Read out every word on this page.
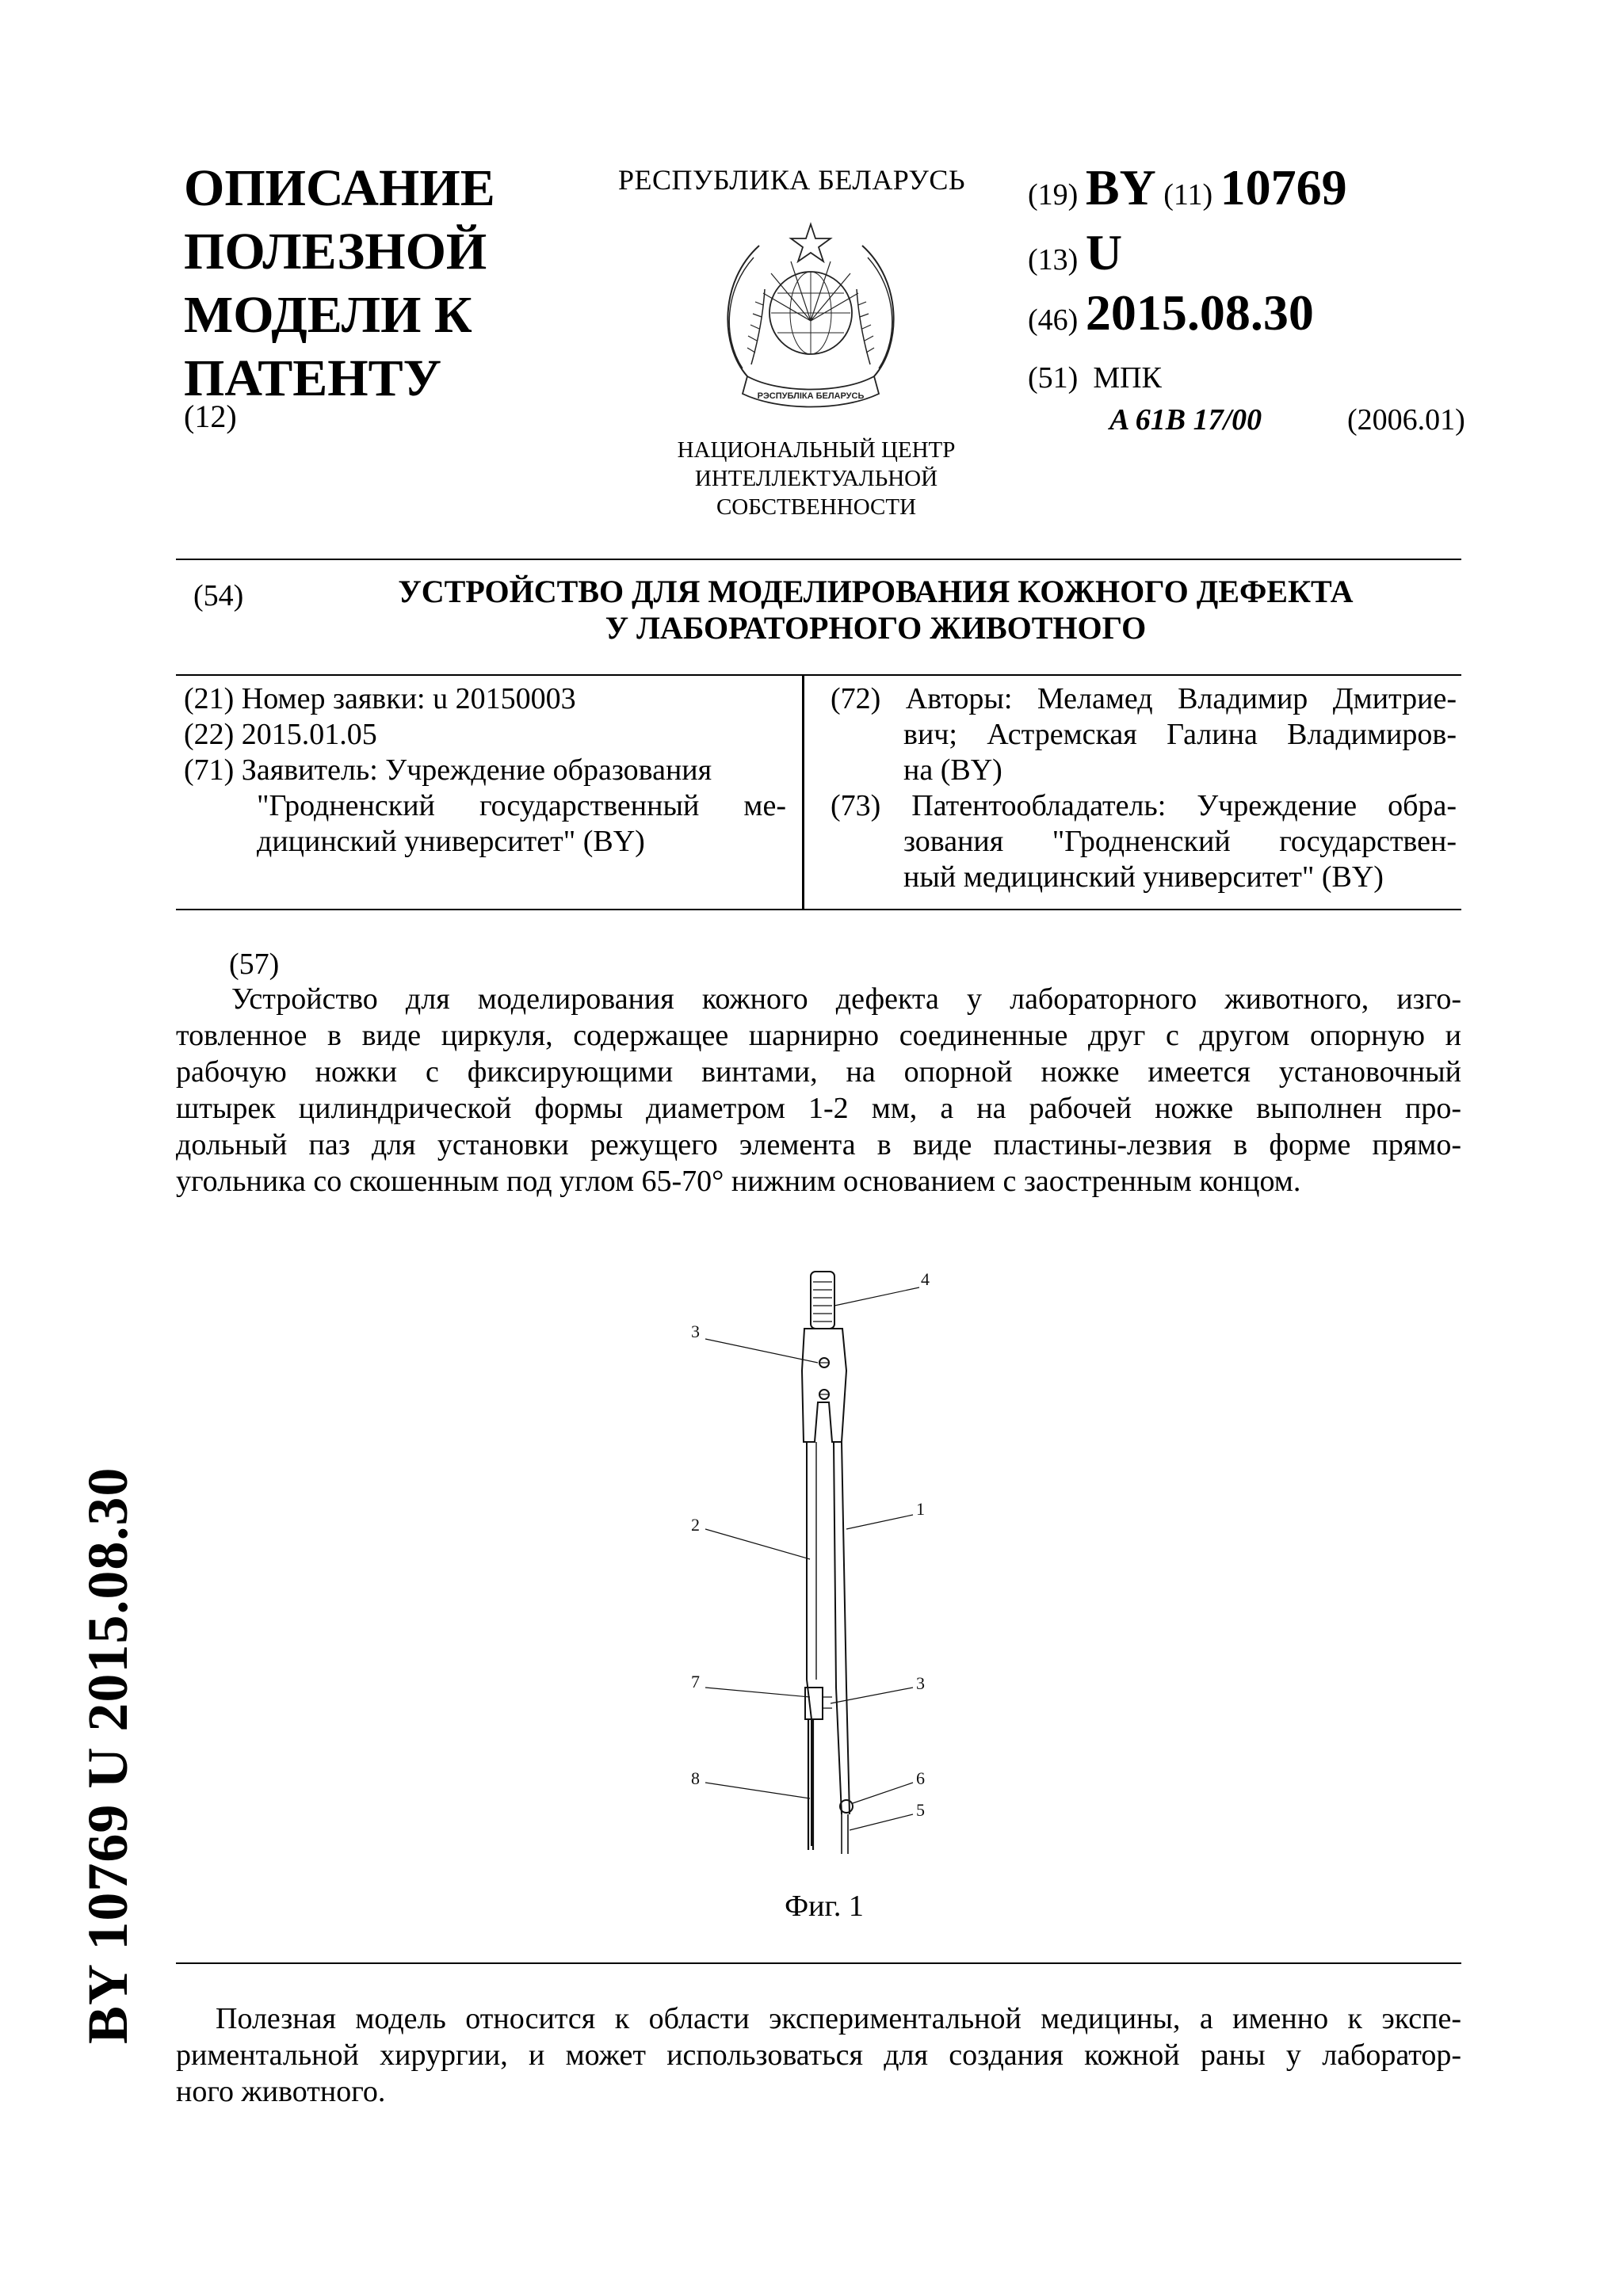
ОПИСАНИЕ
ПОЛЕЗНОЙ
МОДЕЛИ К
ПАТЕНТУ
(12)
РЕСПУБЛИКА БЕЛАРУСЬ
РЭСПУБЛІКА БЕЛАРУСЬ
НАЦИОНАЛЬНЫЙ ЦЕНТР
ИНТЕЛЛЕКТУАЛЬНОЙ
СОБСТВЕННОСТИ
(19) BY (11) 10769
(13) U
(46) 2015.08.30
(51) МПК
A 61B 17/00	(2006.01)
(54)	УСТРОЙСТВО ДЛЯ МОДЕЛИРОВАНИЯ КОЖНОГО ДЕФЕКТА
У ЛАБОРАТОРНОГО ЖИВОТНОГО
(21) Номер заявки: u 20150003
(22) 2015.01.05
(71) Заявитель: Учреждение образования
"Гродненский государственный ме-
дицинский университет" (BY)
(72) Авторы: Меламед Владимир Дмитрие-
вич; Астремская Галина Владимиров-
на (BY)
(73) Патентообладатель: Учреждение обра-
зования "Гродненский государствен-
ный медицинский университет" (BY)
(57)
Устройство для моделирования кожного дефекта у лабораторного животного, изго-
товленное в виде циркуля, содержащее шарнирно соединенные друг с другом опорную и
рабочую ножки с фиксирующими винтами, на опорной ножке имеется установочный
штырек цилиндрической формы диаметром 1-2 мм, а на рабочей ножке выполнен про-
дольный паз для установки режущего элемента в виде пластины-лезвия в форме прямо-
угольника со скошенным под углом 65-70° нижним основанием с заостренным концом.
4
3
1
2
7	3
8	6
5
Фиг. 1
Полезная модель относится к области экспериментальной медицины, а именно к экспе-
риментальной хирургии, и может использоваться для создания кожной раны у лаборатор-
ного животного.
BY 10769 U 2015.08.30
